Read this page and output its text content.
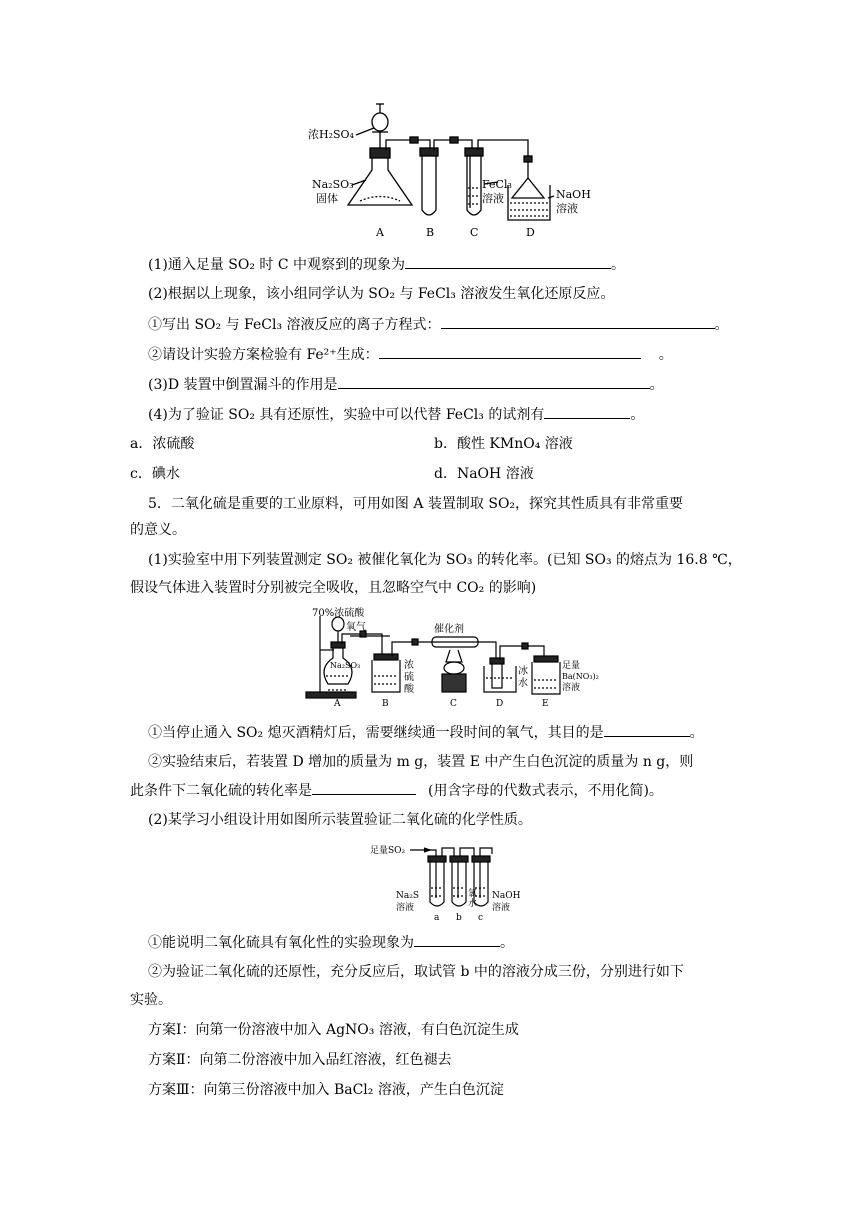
浓H₂SO₄
Na₂SO₃
固体
FeCl₃
溶液	NaOH
溶液
A	B	C	D
(1)通入足量 SO₂ 时 C 中观察到的现象为	。
(2)根据以上现象，该小组同学认为 SO₂ 与 FeCl₃ 溶液发生氧化还原反应。
①写出 SO₂ 与 FeCl₃ 溶液反应的离子方程式：	。
②请设计实验方案检验有 Fe²⁺生成：	。
(3)D 装置中倒置漏斗的作用是	。
(4)为了验证 SO₂ 具有还原性，实验中可以代替 FeCl₃ 的试剂有	。
a．浓硫酸	b．酸性 KMnO₄ 溶液
c．碘水	d．NaOH 溶液
5．二氧化硫是重要的工业原料，可用如图 A 装置制取 SO₂，探究其性质具有非常重要
的意义。
(1)实验室中用下列装置测定 SO₂ 被催化氧化为 SO₃ 的转化率。(已知 SO₃ 的熔点为 16.8 ℃，
假设气体进入装置时分别被完全吸收，且忽略空气中 CO₂ 的影响)
70%浓硫酸
氧气	催化剂
Na₂SO₃	浓
硫
酸
冰
水
足量
Ba(NO₃)₂
溶液
A	B	C	D	E
①当停止通入 SO₂ 熄灭酒精灯后，需要继续通一段时间的氧气，其目的是	。
②实验结束后，若装置 D 增加的质量为 m g，装置 E 中产生白色沉淀的质量为 n g，则
此条件下二氧化硫的转化率是	(用含字母的代数式表示，不用化简)。
(2)某学习小组设计用如图所示装置验证二氧化硫的化学性质。
足量SO₂
Na₂S
溶液
氯
水
NaOH
溶液
a b c
①能说明二氧化硫具有氧化性的实验现象为	。
②为验证二氧化硫的还原性，充分反应后，取试管 b 中的溶液分成三份，分别进行如下
实验。
方案Ⅰ：向第一份溶液中加入 AgNO₃ 溶液，有白色沉淀生成
方案Ⅱ：向第二份溶液中加入品红溶液，红色褪去
方案Ⅲ：向第三份溶液中加入 BaCl₂ 溶液，产生白色沉淀
